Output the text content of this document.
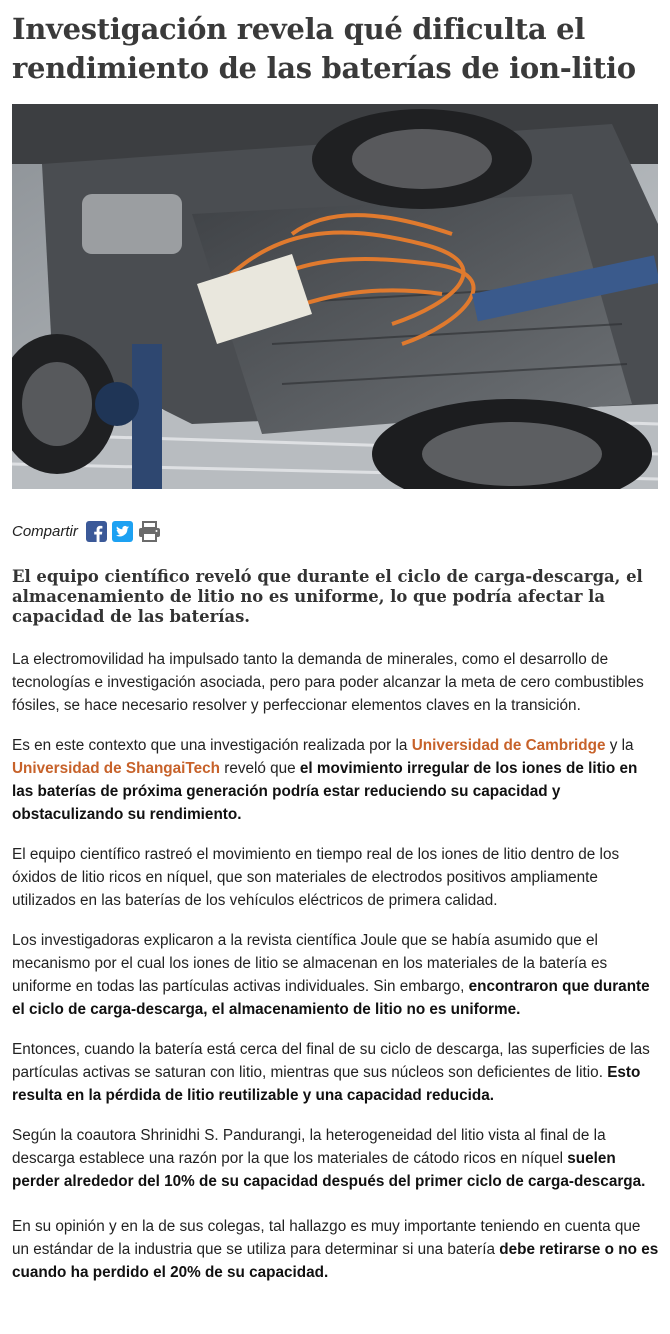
Investigación revela qué dificulta el rendimiento de las baterías de ion-litio
Compartir

El equipo científico reveló que durante el ciclo de carga-descarga, el almacenamiento de litio no es uniforme, lo que podría afectar la capacidad de las baterías.

La electromovilidad ha impulsado tanto la demanda de minerales, como el desarrollo de tecnologías e investigación asociada, pero para poder alcanzar la meta de cero combustibles fósiles, se hace necesario resolver y perfeccionar elementos claves en la transición.

Es en este contexto que una investigación realizada por la Universidad de Cambridge y la Universidad de ShangaiTech reveló que el movimiento irregular de los iones de litio en las baterías de próxima generación podría estar reduciendo su capacidad y obstaculizando su rendimiento.

El equipo científico rastreó el movimiento en tiempo real de los iones de litio dentro de los óxidos de litio ricos en níquel, que son materiales de electrodos positivos ampliamente utilizados en las baterías de los vehículos eléctricos de primera calidad.

Los investigadoras explicaron a la revista científica Joule que se había asumido que el mecanismo por el cual los iones de litio se almacenan en los materiales de la batería es uniforme en todas las partículas activas individuales. Sin embargo, encontraron que durante el ciclo de carga-descarga, el almacenamiento de litio no es uniforme.

Entonces, cuando la batería está cerca del final de su ciclo de descarga, las superficies de las partículas activas se saturan con litio, mientras que sus núcleos son deficientes de litio. Esto resulta en la pérdida de litio reutilizable y una capacidad reducida.

Según la coautora Shrinidhi S. Pandurangi, la heterogeneidad del litio vista al final de la descarga establece una razón por la que los materiales de cátodo ricos en níquel suelen perder alrededor del 10% de su capacidad después del primer ciclo de carga-descarga.

En su opinión y en la de sus colegas, tal hallazgo es muy importante teniendo en cuenta que un estándar de la industria que se utiliza para determinar si una batería debe retirarse o no es cuando ha perdido el 20% de su capacidad.
